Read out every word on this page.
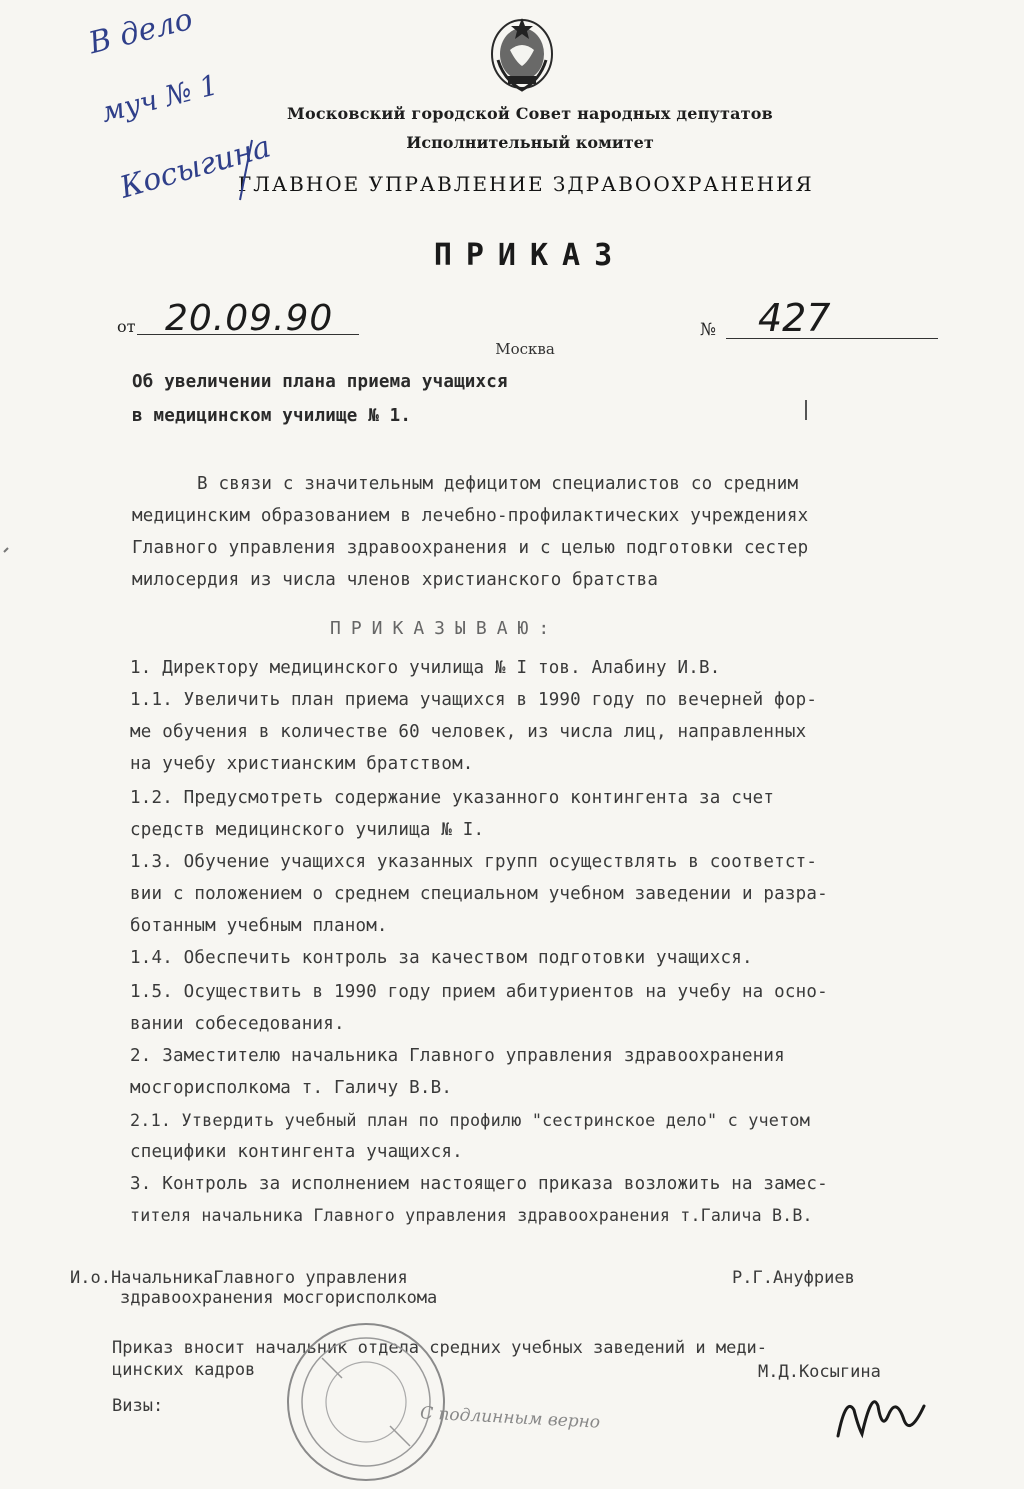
Московский городской Совет народных депутатов
Исполнительный комитет
ГЛАВНОЕ УПРАВЛЕНИЕ ЗДРАВООХРАНЕНИЯ
ПРИКАЗ
от 20.09.90	№ 427
Москва
В дело
муч № 1
Косыгина
Об увеличении плана приема учащихся
в медицинском училище № 1.
В связи с значительным дефицитом специалистов со средним
медицинским образованием в лечебно-профилактических учреждениях
Главного управления здравоохранения и с целью подготовки сестер
милосердия из числа членов христианского братства
ПРИКАЗЫВАЮ:
1. Директору медицинского училища № I тов. Алабину И.В.
1.1. Увеличить план приема учащихся в 1990 году по вечерней фор-
ме обучения в количестве 60 человек, из числа лиц, направленных
на учебу христианским братством.
1.2. Предусмотреть содержание указанного контингента за счет
средств медицинского училища № I.
1.3. Обучение учащихся указанных групп осуществлять в соответст-
вии с положением о среднем специальном учебном заведении и разра-
ботанным учебным планом.
1.4. Обеспечить контроль за качеством подготовки учащихся.
1.5. Осуществить в 1990 году прием абитуриентов на учебу на осно-
вании собеседования.
2. Заместителю начальника Главного управления здравоохранения
мосгорисполкома т. Галичу В.В.
2.1. Утвердить учебный план по профилю "сестринское дело" с учетом
специфики контингента учащихся.
3. Контроль за исполнением настоящего приказа возложить на замес-
тителя начальника Главного управления здравоохранения т.Галича В.В.
И.о.НачальникаГлавного управления
здравоохранения мосгорисполкома
Р.Г.Ануфриев
Приказ вносит начальник отдела средних учебных заведений и меди-
цинских кадров	М.Д.Косыгина
Визы:	С подлинным верно
